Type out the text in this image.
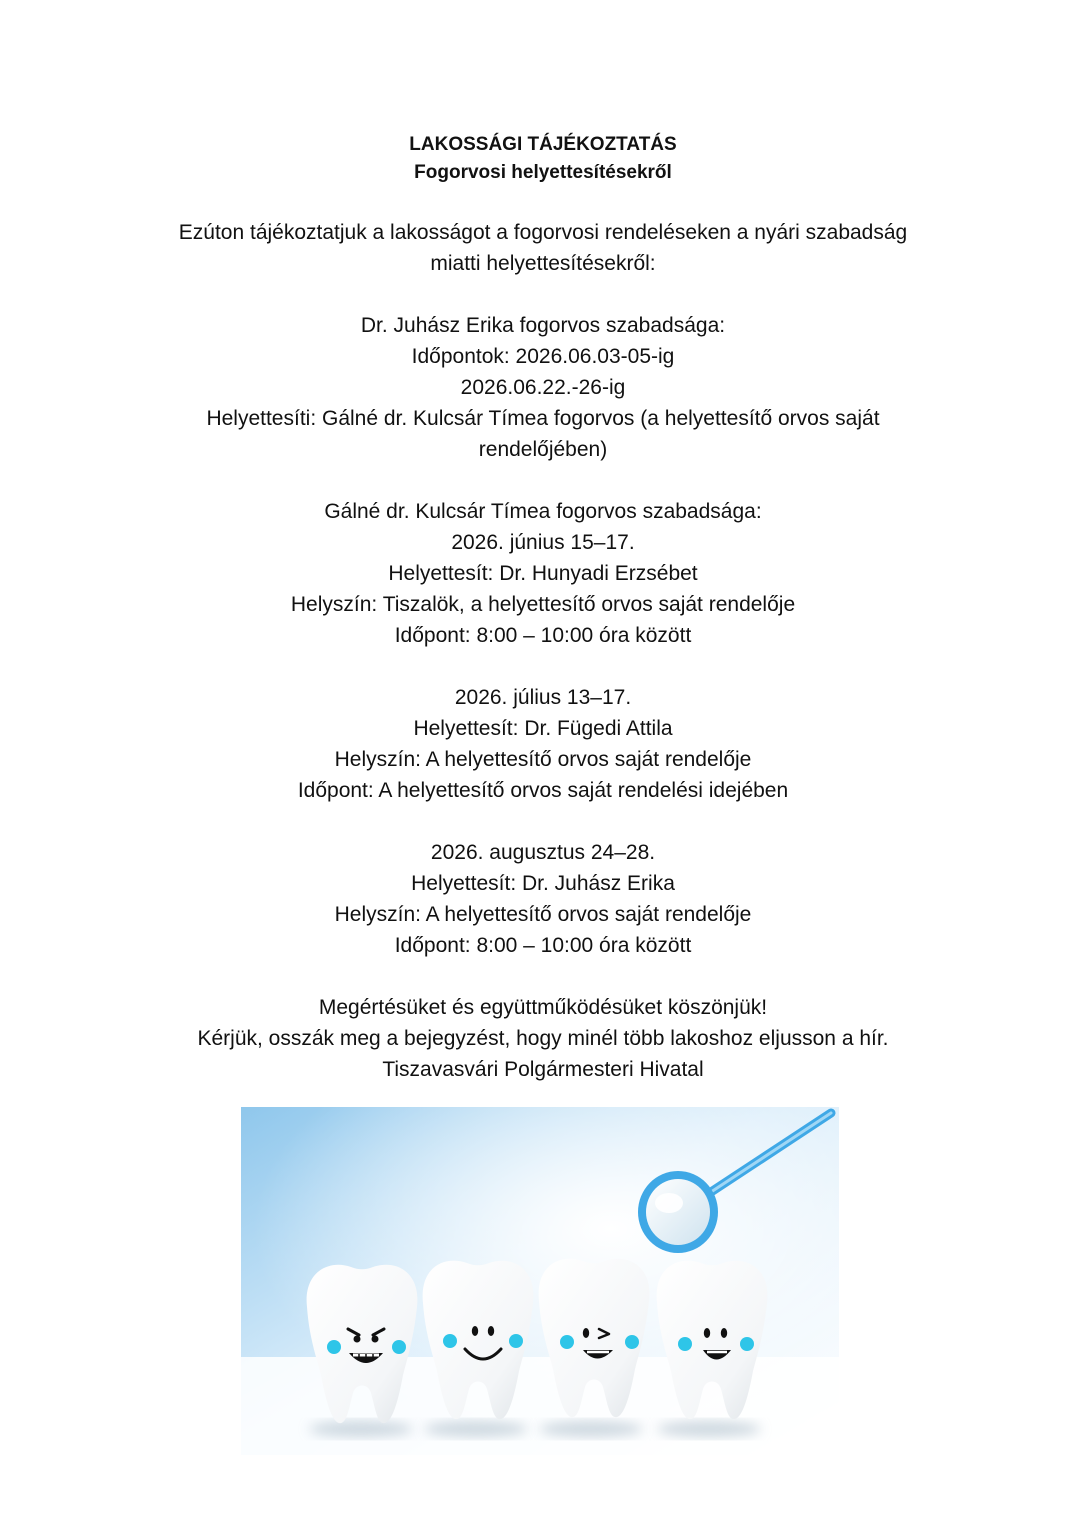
LAKOSSÁGI TÁJÉKOZTATÁS

Fogorvosi helyettesítésekről

Ezúton tájékoztatjuk a lakosságot a fogorvosi rendeléseken a nyári szabadság
miatti helyettesítésekről:

Dr. Juhász Erika fogorvos szabadsága:
Időpontok: 2026.06.03-05-ig
2026.06.22.-26-ig
Helyettesíti: Gálné dr. Kulcsár Tímea fogorvos (a helyettesítő orvos saját
rendelőjében)

Gálné dr. Kulcsár Tímea fogorvos szabadsága:
2026. június 15–17.
Helyettesít: Dr. Hunyadi Erzsébet
Helyszín: Tiszalök, a helyettesítő orvos saját rendelője
Időpont: 8:00 – 10:00 óra között

2026. július 13–17.
Helyettesít: Dr. Fügedi Attila
Helyszín: A helyettesítő orvos saját rendelője
Időpont: A helyettesítő orvos saját rendelési idejében

2026. augusztus 24–28.
Helyettesít: Dr. Juhász Erika
Helyszín: A helyettesítő orvos saját rendelője
Időpont: 8:00 – 10:00 óra között

Megértésüket és együttműködésüket köszönjük!
Kérjük, osszák meg a bejegyzést, hogy minél több lakoshoz eljusson a hír.
Tiszavasvári Polgármesteri Hivatal
